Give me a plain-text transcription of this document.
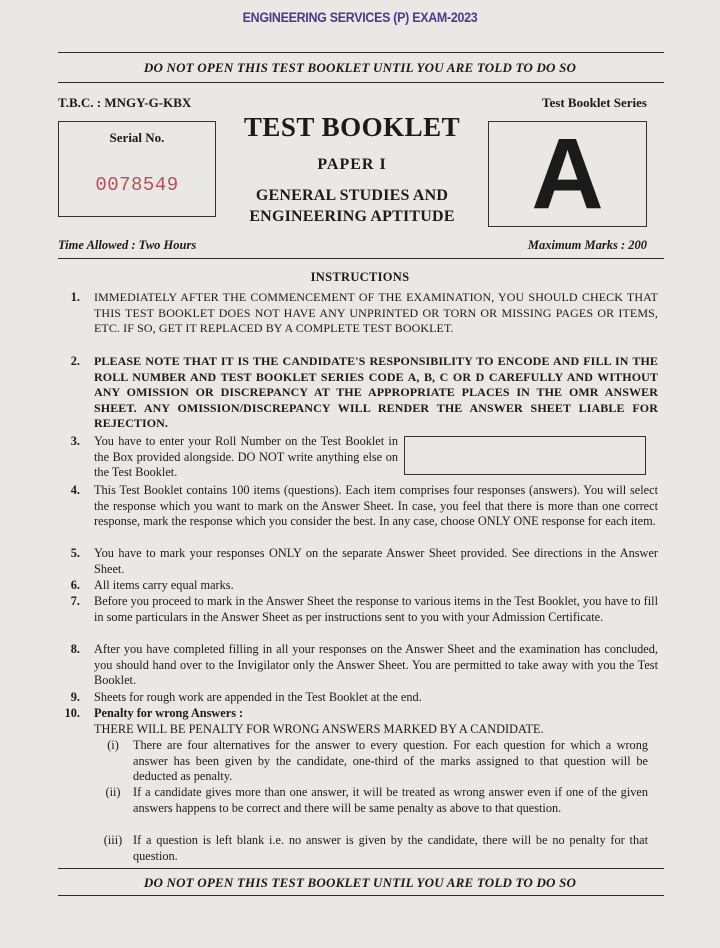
ENGINEERING SERVICES (P) EXAM-2023
DO NOT OPEN THIS TEST BOOKLET UNTIL YOU ARE TOLD TO DO SO
T.B.C. : MNGY-G-KBX	Test Booklet Series
Serial No.
0078549
TEST BOOKLET
PAPER I
GENERAL STUDIES AND
ENGINEERING APTITUDE A
Time Allowed : Two Hours	Maximum Marks : 200
INSTRUCTIONS
1. IMMEDIATELY AFTER THE COMMENCEMENT OF THE EXAMINATION, YOU SHOULD CHECK THAT THIS TEST BOOKLET DOES NOT HAVE ANY UNPRINTED OR TORN OR MISSING PAGES OR ITEMS, ETC. IF SO, GET IT REPLACED BY A COMPLETE TEST BOOKLET.
2. PLEASE NOTE THAT IT IS THE CANDIDATE'S RESPONSIBILITY TO ENCODE AND FILL IN THE ROLL NUMBER AND TEST BOOKLET SERIES CODE A, B, C OR D CAREFULLY AND WITHOUT ANY OMISSION OR DISCREPANCY AT THE APPROPRIATE PLACES IN THE OMR ANSWER SHEET. ANY OMISSION/DISCREPANCY WILL RENDER THE ANSWER SHEET LIABLE FOR REJECTION.
3. You have to enter your Roll Number on the Test Booklet in the Box provided alongside. DO NOT write anything else on the Test Booklet.
4. This Test Booklet contains 100 items (questions). Each item comprises four responses (answers). You will select the response which you want to mark on the Answer Sheet. In case, you feel that there is more than one correct response, mark the response which you consider the best. In any case, choose ONLY ONE response for each item.
5. You have to mark your responses ONLY on the separate Answer Sheet provided. See directions in the Answer Sheet.
6. All items carry equal marks.
7. Before you proceed to mark in the Answer Sheet the response to various items in the Test Booklet, you have to fill in some particulars in the Answer Sheet as per instructions sent to you with your Admission Certificate.
8. After you have completed filling in all your responses on the Answer Sheet and the examination has concluded, you should hand over to the Invigilator only the Answer Sheet. You are permitted to take away with you the Test Booklet.
9. Sheets for rough work are appended in the Test Booklet at the end.
10. Penalty for wrong Answers :
THERE WILL BE PENALTY FOR WRONG ANSWERS MARKED BY A CANDIDATE.
(i)	There are four alternatives for the answer to every question. For each question for which a wrong answer has been given by the candidate, one-third of the marks assigned to that question will be deducted as penalty.
(ii)	If a candidate gives more than one answer, it will be treated as wrong answer even if one of the given answers happens to be correct and there will be same penalty as above to that question.
(iii) If a question is left blank i.e. no answer is given by the candidate, there will be no penalty for that question.
DO NOT OPEN THIS TEST BOOKLET UNTIL YOU ARE TOLD TO DO SO
